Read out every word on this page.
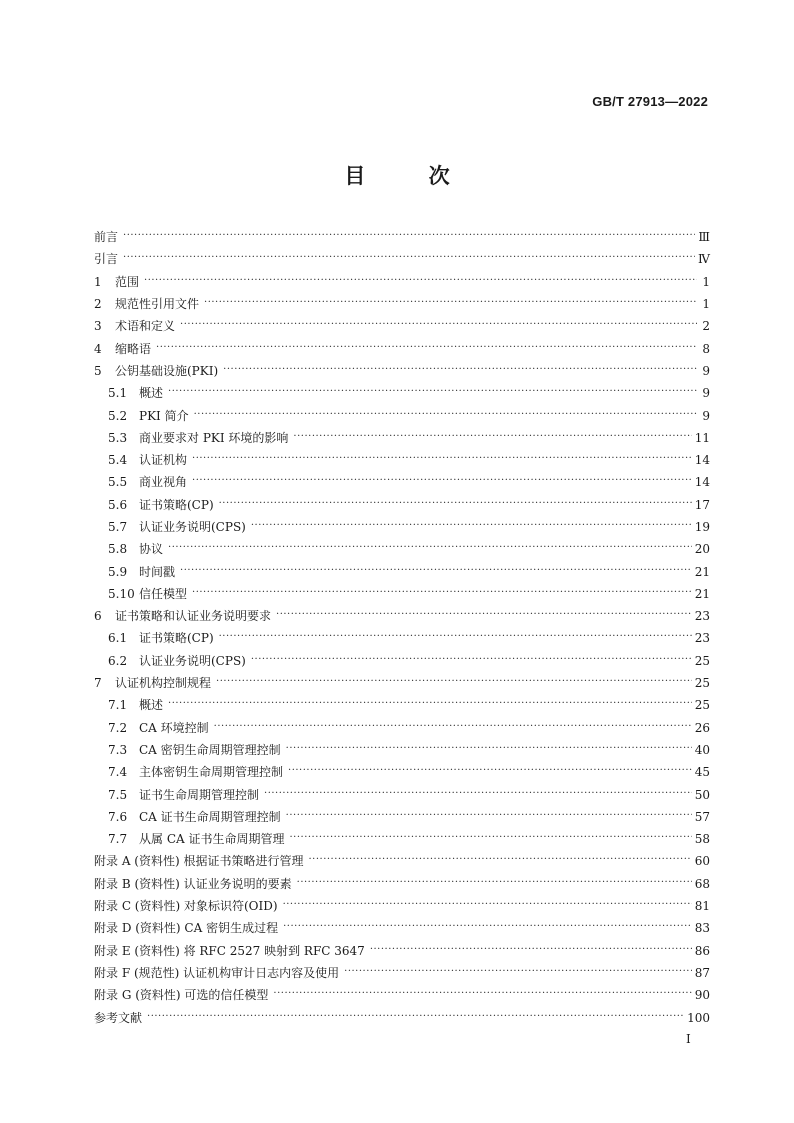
GB/T 27913—2022
目 次
前言 ·····	Ⅲ
引言 ·····	Ⅳ
1 范围 ·····	1
2 规范性引用文件 ·····	1
3 术语和定义 ·····	2
4 缩略语 ·····	8
5 公钥基础设施(PKI) ·····	9
5.1 概述 ·····	9
5.2 PKI 简介 ·····	9
5.3 商业要求对 PKI 环境的影响 ·····	11
5.4 认证机构 ·····	14
5.5 商业视角 ·····	14
5.6 证书策略(CP) ·····	17
5.7 认证业务说明(CPS) ·····	19
5.8 协议 ·····	20
5.9 时间戳 ·····	21
5.10 信任模型 ·····	21
6 证书策略和认证业务说明要求 ·····	23
6.1 证书策略(CP) ·····	23
6.2 认证业务说明(CPS) ·····	25
7 认证机构控制规程 ·····	25
7.1 概述 ·····	25
7.2 CA 环境控制 ·····	26
7.3 CA 密钥生命周期管理控制 ·····	40
7.4 主体密钥生命周期管理控制 ·····	45
7.5 证书生命周期管理控制 ·····	50
7.6 CA 证书生命周期管理控制 ·····	57
7.7 从属 CA 证书生命周期管理 ·····	58
附录 A (资料性) 根据证书策略进行管理 ·····	60
附录 B (资料性) 认证业务说明的要素 ·····	68
附录 C (资料性) 对象标识符(OID) ·····	81
附录 D (资料性) CA 密钥生成过程 ·····	83
附录 E (资料性) 将 RFC 2527 映射到 RFC 3647 ·····	86
附录 F (规范性) 认证机构审计日志内容及使用 ·····	87
附录 G (资料性) 可选的信任模型 ·····	90
参考文献 ·····	100
I
